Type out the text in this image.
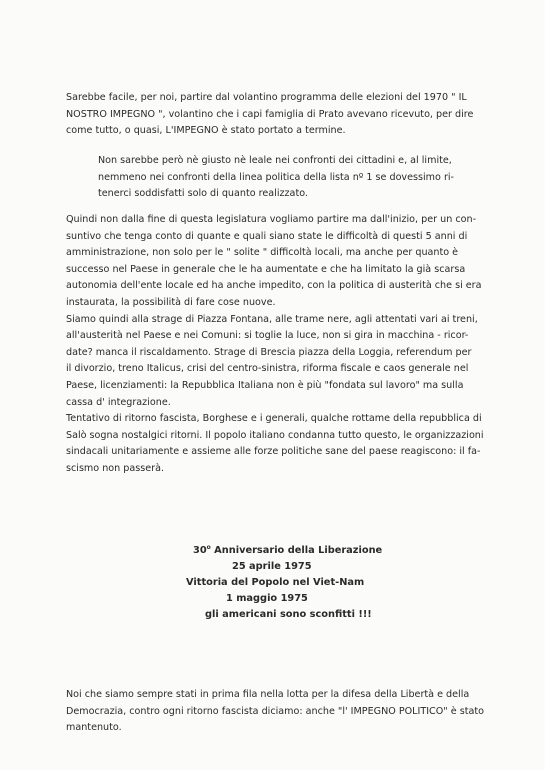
Sarebbe facile, per noi, partire dal volantino programma delle elezioni del 1970 " IL
NOSTRO IMPEGNO ", volantino che i capi famiglia di Prato avevano ricevuto, per dire
come tutto, o quasi, L'IMPEGNO è stato portato a termine.
Non sarebbe però nè giusto nè leale nei confronti dei cittadini e, al limite,
nemmeno nei confronti della linea politica della lista nº 1 se dovessimo ri-
tenerci soddisfatti solo di quanto realizzato.
Quindi non dalla fine di questa legislatura vogliamo partire ma dall'inizio, per un con-
suntivo che tenga conto di quante e quali siano state le difficoltà di questi 5 anni di
amministrazione, non solo per le " solite " difficoltà locali, ma anche per quanto è
successo nel Paese in generale che le ha aumentate e che ha limitato la già scarsa
autonomia dell'ente locale ed ha anche impedito, con la politica di austerità che si era
instaurata, la possibilità di fare cose nuove.
Siamo quindi alla strage di Piazza Fontana, alle trame nere, agli attentati vari ai treni,
all'austerità nel Paese e nei Comuni: si toglie la luce, non si gira in macchina - ricor-
date? manca il riscaldamento. Strage di Brescia piazza della Loggia, referendum per
il divorzio, treno Italicus, crisi del centro-sinistra, riforma fiscale e caos generale nel
Paese, licenziamenti: la Repubblica Italiana non è più "fondata sul lavoro" ma sulla
cassa d' integrazione.
Tentativo di ritorno fascista, Borghese e i generali, qualche rottame della repubblica di
Salò sogna nostalgici ritorni. Il popolo italiano condanna tutto questo, le organizzazioni
sindacali unitariamente e assieme alle forze politiche sane del paese reagiscono: il fa-
scismo non passerà.
30$^o$ Anniversario della Liberazione
25 aprile 1975
Vittoria del Popolo nel Viet-Nam
1 maggio 1975
gli americani sono sconfitti !!!
Noi che siamo sempre stati in prima fila nella lotta per la difesa della Libertà e della
Democrazia, contro ogni ritorno fascista diciamo: anche "l' IMPEGNO POLITICO" è stato
mantenuto.
